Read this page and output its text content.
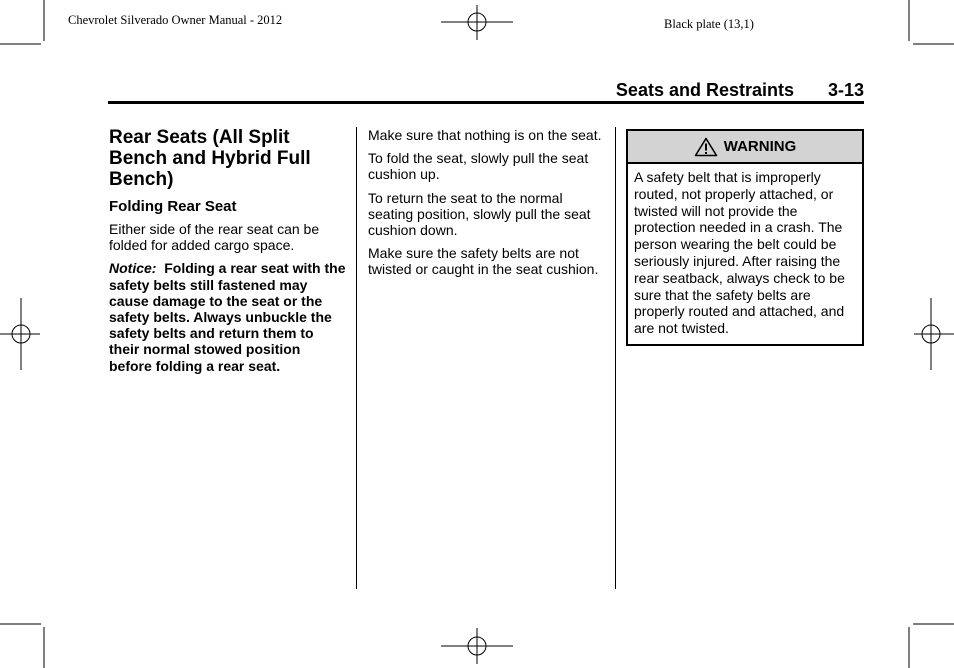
Chevrolet Silverado Owner Manual - 2012	Black plate (13,1)
Seats and Restraints 3-13
Rear Seats (All Split Bench and Hybrid Full Bench)
Folding Rear Seat

Either side of the rear seat can be folded for added cargo space.

Notice: Folding a rear seat with the safety belts still fastened may cause damage to the seat or the safety belts. Always unbuckle the safety belts and return them to their normal stowed position before folding a rear seat.

Make sure that nothing is on the seat.

To fold the seat, slowly pull the seat cushion up.

To return the seat to the normal seating position, slowly pull the seat cushion down.

Make sure the safety belts are not twisted or caught in the seat cushion.

WARNING
A safety belt that is improperly routed, not properly attached, or twisted will not provide the protection needed in a crash. The person wearing the belt could be seriously injured. After raising the rear seatback, always check to be sure that the safety belts are properly routed and attached, and are not twisted.
